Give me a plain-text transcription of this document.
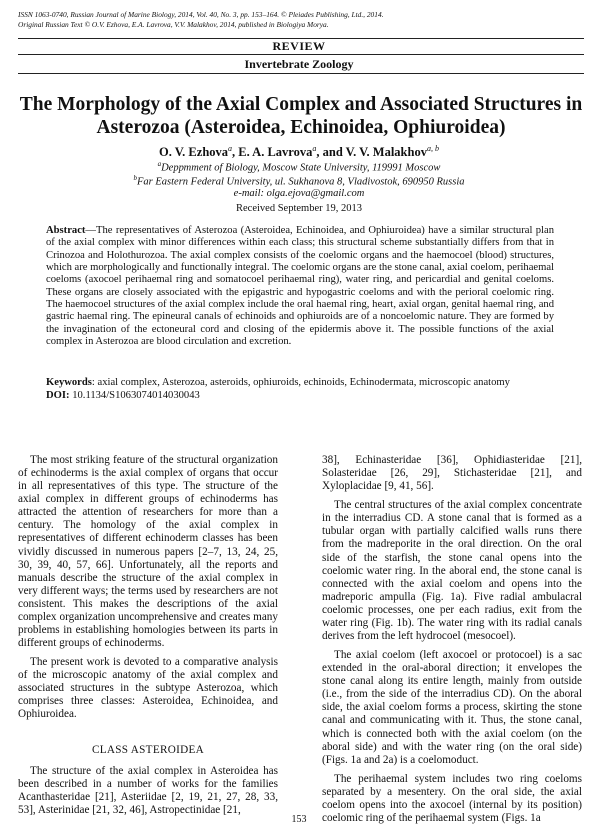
ISSN 1063-0740, Russian Journal of Marine Biology, 2014, Vol. 40, No. 3, pp. 153–164. © Pleiades Publishing, Ltd., 2014.
Original Russian Text © O.V. Ezhova, E.A. Lavrova, V.V. Malakhov, 2014, published in Biologiya Morya.
REVIEW
Invertebrate Zoology
The Morphology of the Axial Complex and Associated Structures in Asterozoa (Asteroidea, Echinoidea, Ophiuroidea)
O. V. Ezhova$^a$, E. A. Lavrova$^a$, and V. V. Malakhov$^{a, b}$
$^a$Depртment of Biology, Moscow State University, 119991 Moscow
$^b$Far Eastern Federal University, ul. Sukhanova 8, Vladivostok, 690950 Russia
e-mail: olga.ejova@gmail.com
Received September 19, 2013
Abstract—The representatives of Asterozoa (Asteroidea, Echinoidea, and Ophiuroidea) have a similar structural plan of the axial complex with minor differences within each class; this structural scheme substantially differs from that in Crinozoa and Holothurozoa. The axial complex consists of the coelomic organs and the haemocoel (blood) structures, which are morphologically and functionally integral. The coelomic organs are the stone canal, axial coelom, perihaemal coeloms (axocoel perihaemal ring and somatocoel perihaemal ring), water ring, and pericardial and genital coeloms. These organs are closely associated with the epigastric and hypogastric coeloms and with the perioral coelomic ring. The haemocoel structures of the axial complex include the oral haemal ring, heart, axial organ, genital haemal ring, and gastric haemal ring. The epineural canals of echinoids and ophiuroids are of a noncoelomic nature. They are formed by the invagination of the ectoneural cord and closing of the epidermis above it. The possible functions of the axial complex in Asterozoa are blood circulation and excretion.
Keywords: axial complex, Asterozoa, asteroids, ophiuroids, echinoids, Echinodermata, microscopic anatomy
DOI: 10.1134/S1063074014030043

The most striking feature of the structural organization of echinoderms is the axial complex of organs that occur in all representatives of this type. The structure of the axial complex in different groups of echinoderms has attracted the attention of researchers for more than a century. The homology of the axial complex in representatives of different echinoderm classes has been vividly discussed in numerous papers [2–7, 13, 24, 25, 30, 39, 40, 57, 66]. Unfortunately, all the reports and manuals describe the structure of the axial complex in very different ways; the terms used by researchers are not consistent. This makes the descriptions of the axial complex organization uncomprehensive and creates many problems in establishing homologies between its parts in different groups of echinoderms.

The present work is devoted to a comparative analysis of the microscopic anatomy of the axial complex and associated structures in the subtype Asterozoa, which comprises three classes: Asteroidea, Echinoidea, and Ophiuroidea.

CLASS ASTEROIDEA

The structure of the axial complex in Asteroidea has been described in a number of works for the families Acanthasteridae [21], Asteriidae [2, 19, 21, 27, 28, 33, 53], Asterinidae [21, 32, 46], Astropectinidae [21,

38], Echinasteridae [36], Ophidiasteridae [21], Solasteridae [26, 29], Stichasteridae [21], and Xyloplacidae [9, 41, 56].

The central structures of the axial complex concentrate in the interradius CD. A stone canal that is formed as a tubular organ with partially calcified walls runs there from the madreporite in the oral direction. On the oral side of the starfish, the stone canal opens into the coelomic water ring. In the aboral end, the stone canal is connected with the axial coelom and opens into the madreporic ampulla (Fig. 1a). Five radial ambulacral coelomic processes, one per each radius, exit from the water ring (Fig. 1b). The water ring with its radial canals derives from the left hydrocoel (mesocoel).

The axial coelom (left axocoel or protocoel) is a sac extended in the oral-aboral direction; it envelopes the stone canal along its entire length, mainly from outside (i.e., from the side of the interradius CD). On the aboral side, the axial coelom forms a process, skirting the stone canal and communicating with it. Thus, the stone canal, which is connected both with the axial coelom (on the aboral side) and with the water ring (on the oral side) (Figs. 1a and 2a) is a coelomoduct.

The perihaemal system includes two ring coeloms separated by a mesentery. On the oral side, the axial coelom opens into the axocoel (internal by its position) coelomic ring of the perihaemal system (Figs. 1a

153
